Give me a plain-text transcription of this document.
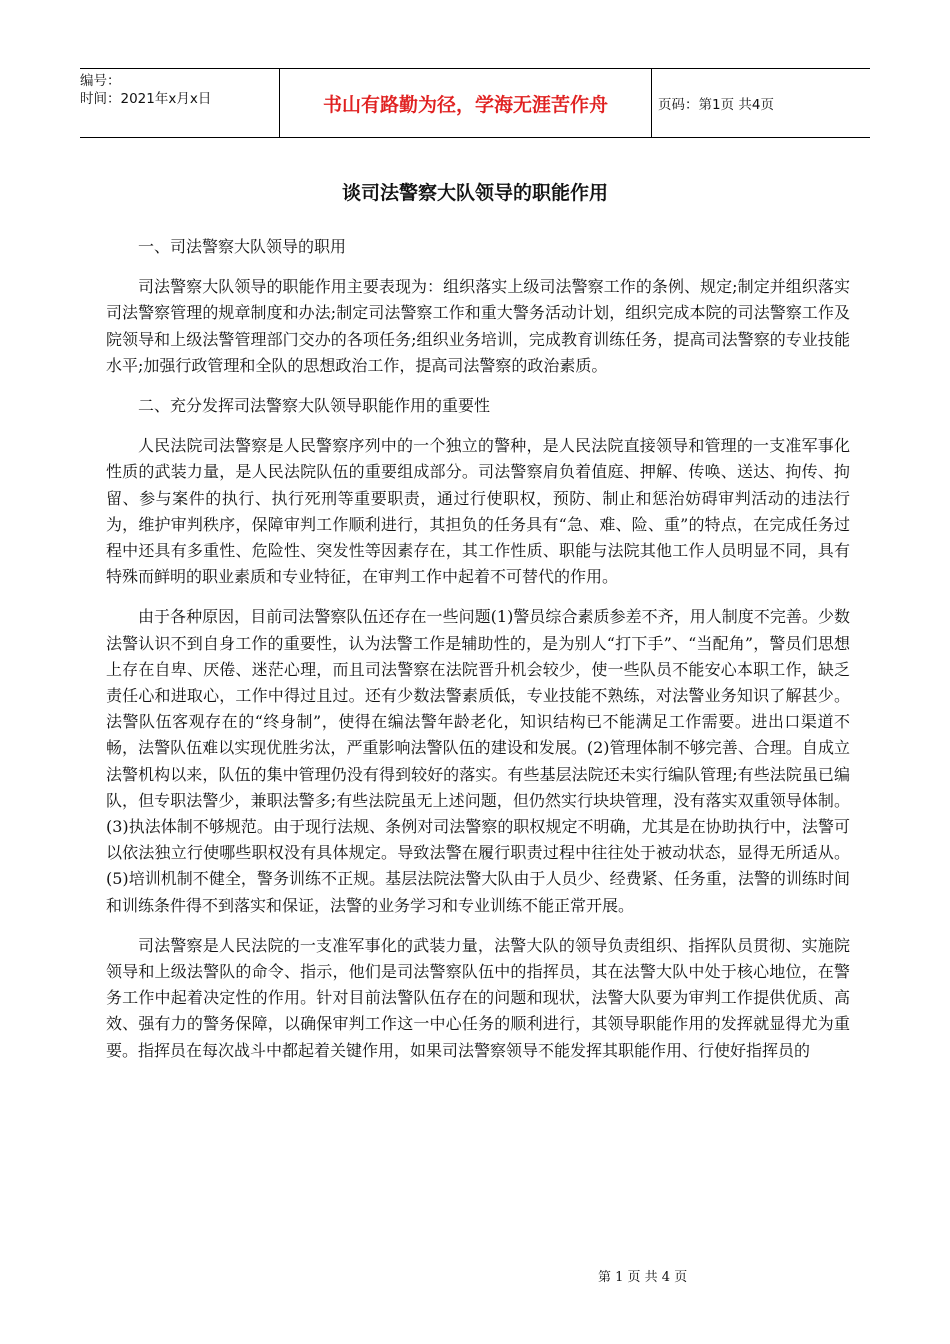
编号：
时间：2021年x月x日	书山有路勤为径，学海无涯苦作舟	页码：第1页 共4页
谈司法警察大队领导的职能作用

一、司法警察大队领导的职用

司法警察大队领导的职能作用主要表现为：组织落实上级司法警察工作的条例、规定;制定并组织落实司法警察管理的规章制度和办法;制定司法警察工作和重大警务活动计划，组织完成本院的司法警察工作及院领导和上级法警管理部门交办的各项任务;组织业务培训，完成教育训练任务，提高司法警察的专业技能水平;加强行政管理和全队的思想政治工作，提高司法警察的政治素质。

二、充分发挥司法警察大队领导职能作用的重要性

人民法院司法警察是人民警察序列中的一个独立的警种，是人民法院直接领导和管理的一支准军事化性质的武装力量，是人民法院队伍的重要组成部分。司法警察肩负着值庭、押解、传唤、送达、拘传、拘留、参与案件的执行、执行死刑等重要职责，通过行使职权，预防、制止和惩治妨碍审判活动的违法行为，维护审判秩序，保障审判工作顺利进行，其担负的任务具有“急、难、险、重”的特点，在完成任务过程中还具有多重性、危险性、突发性等因素存在，其工作性质、职能与法院其他工作人员明显不同，具有特殊而鲜明的职业素质和专业特征，在审判工作中起着不可替代的作用。

由于各种原因，目前司法警察队伍还存在一些问题(1)警员综合素质参差不齐，用人制度不完善。少数法警认识不到自身工作的重要性，认为法警工作是辅助性的，是为别人“打下手”、“当配角”，警员们思想上存在自卑、厌倦、迷茫心理，而且司法警察在法院晋升机会较少，使一些队员不能安心本职工作，缺乏责任心和进取心，工作中得过且过。还有少数法警素质低，专业技能不熟练，对法警业务知识了解甚少。法警队伍客观存在的“终身制”，使得在编法警年龄老化，知识结构已不能满足工作需要。进出口渠道不畅，法警队伍难以实现优胜劣汰，严重影响法警队伍的建设和发展。(2)管理体制不够完善、合理。自成立法警机构以来，队伍的集中管理仍没有得到较好的落实。有些基层法院还未实行编队管理;有些法院虽已编队，但专职法警少，兼职法警多;有些法院虽无上述问题，但仍然实行块块管理，没有落实双重领导体制。(3)执法体制不够规范。由于现行法规、条例对司法警察的职权规定不明确，尤其是在协助执行中，法警可以依法独立行使哪些职权没有具体规定。导致法警在履行职责过程中往往处于被动状态，显得无所适从。(5)培训机制不健全，警务训练不正规。基层法院法警大队由于人员少、经费紧、任务重，法警的训练时间和训练条件得不到落实和保证，法警的业务学习和专业训练不能正常开展。

司法警察是人民法院的一支准军事化的武装力量，法警大队的领导负责组织、指挥队员贯彻、实施院领导和上级法警队的命令、指示，他们是司法警察队伍中的指挥员，其在法警大队中处于核心地位，在警务工作中起着决定性的作用。针对目前法警队伍存在的问题和现状，法警大队要为审判工作提供优质、高效、强有力的警务保障，以确保审判工作这一中心任务的顺利进行，其领导职能作用的发挥就显得尤为重要。指挥员在每次战斗中都起着关键作用，如果司法警察领导不能发挥其职能作用、行使好指挥员的

第 1 页 共 4 页
